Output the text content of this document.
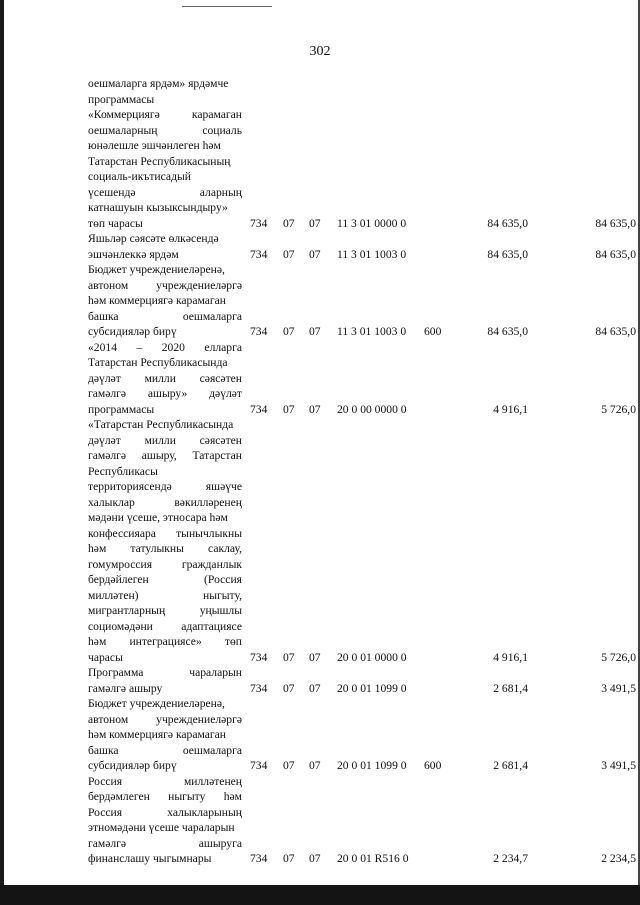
302
оешмаларга ярдәм» ярдәмче
программасы
«Коммерциягә карамаган
оешмаларның социаль
юнәлешле эшчәнлеген һәм
Татарстан Республикасының
социаль-икътисадый
үсешендә аларның
катнашуын кызыксындыру»
төп чарасы	734 07 07 11 3 01 0000 0	84 635,0	84 635,0
Яшьләр сәясәте өлкәсендә
эшчәнлеккә ярдәм	734 07 07 11 3 01 1003 0	84 635,0	84 635,0
Бюджет учреждениеләренә,
автоном учреждениеләргә
һәм коммерциягә карамаган
башка оешмаларга
субсидияләр бирү	734 07 07 11 3 01 1003 0 600	84 635,0	84 635,0
«2014 – 2020 елларга
Татарстан Республикасында
дәүләт милли сәясәтен
гамәлгә ашыру» дәүләт
программасы	734 07 07 20 0 00 0000 0	4 916,1	5 726,0
«Татарстан Республикасында
дәүләт милли сәясәтен
гамәлгә ашыру, Татарстан
Республикасы
территориясендә яшәүче
халыклар вәкилләренең
мәдәни үсеше, этносара һәм
конфессияара тынычлыкны
һәм татулыкны саклау,
гомумроссия гражданлык
бердәйлеген (Россия
милләтен) ныгыту,
мигрантларның уңышлы
социомәдәни адаптациясе
һәм интеграциясе» төп
чарасы	734 07 07 20 0 01 0000 0	4 916,1	5 726,0
Программа чараларын
гамәлгә ашыру	734 07 07 20 0 01 1099 0	2 681,4	3 491,5
Бюджет учреждениеләренә,
автоном учреждениеләргә
һәм коммерциягә карамаган
башка оешмаларга
субсидияләр бирү	734 07 07 20 0 01 1099 0 600	2 681,4	3 491,5
Россия милләтенең
бердәмлеген ныгыту һәм
Россия халыкларының
этномәдәни үсеше чараларын
гамәлгә ашыруга
финанслашу чыгымнары	734 07 07 20 0 01 R516 0	2 234,7	2 234,5
